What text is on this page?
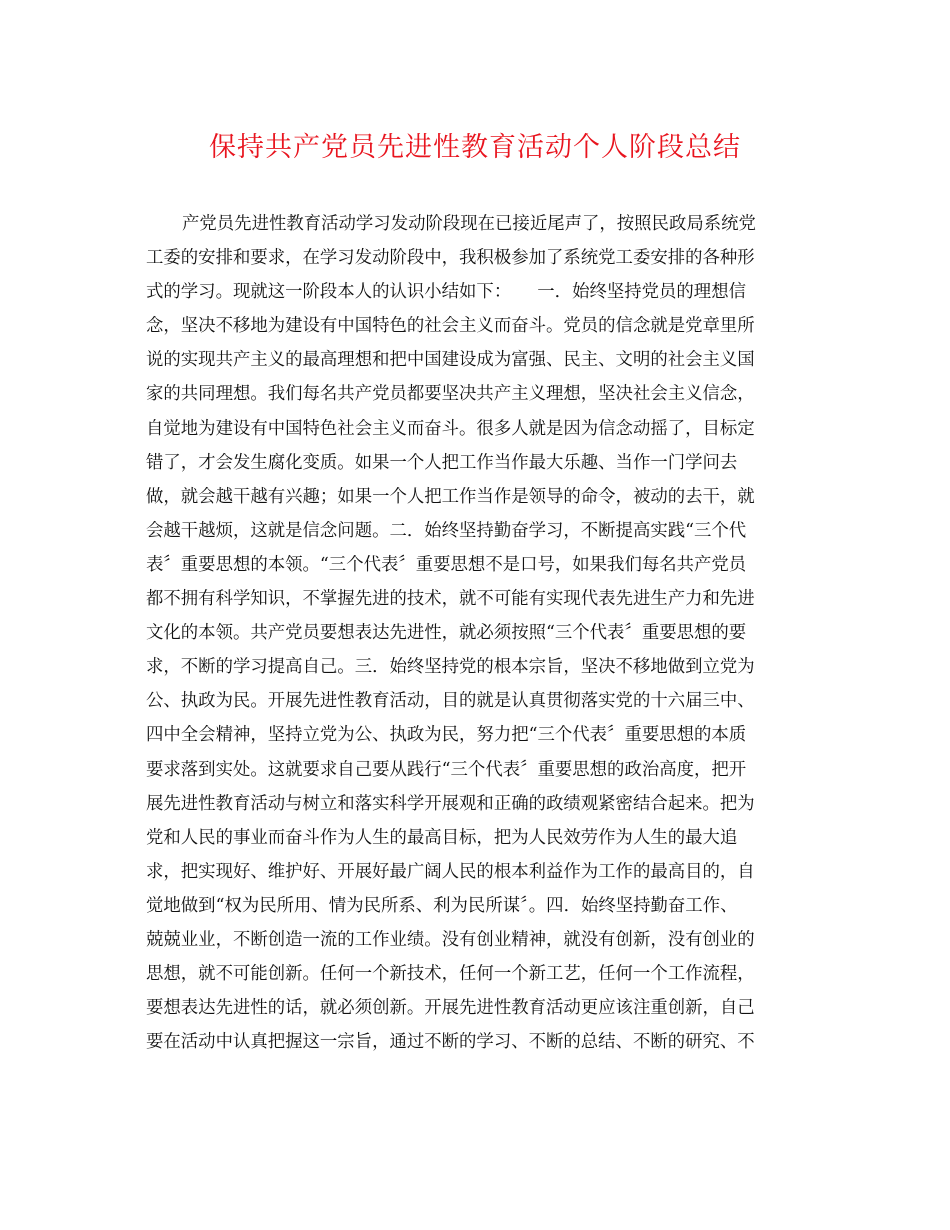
保持共产党员先进性教育活动个人阶段总结
产党员先进性教育活动学习发动阶段现在已接近尾声了，按照民政局系统党
工委的安排和要求，在学习发动阶段中，我积极参加了系统党工委安排的各种形
式的学习。现就这一阶段本人的认识小结如下：　　一．始终坚持党员的理想信
念，坚决不移地为建设有中国特色的社会主义而奋斗。党员的信念就是党章里所
说的实现共产主义的最高理想和把中国建设成为富强、民主、文明的社会主义国
家的共同理想。我们每名共产党员都要坚决共产主义理想，坚决社会主义信念，
自觉地为建设有中国特色社会主义而奋斗。很多人就是因为信念动摇了，目标定
错了，才会发生腐化变质。如果一个人把工作当作最大乐趣、当作一门学问去
做，就会越干越有兴趣；如果一个人把工作当作是领导的命令，被动的去干，就
会越干越烦，这就是信念问题。二．始终坚持勤奋学习，不断提高实践“三个代
表〞重要思想的本领。“三个代表〞重要思想不是口号，如果我们每名共产党员
都不拥有科学知识，不掌握先进的技术，就不可能有实现代表先进生产力和先进
文化的本领。共产党员要想表达先进性，就必须按照“三个代表〞重要思想的要
求，不断的学习提高自己。三．始终坚持党的根本宗旨，坚决不移地做到立党为
公、执政为民。开展先进性教育活动，目的就是认真贯彻落实党的十六届三中、
四中全会精神，坚持立党为公、执政为民，努力把“三个代表〞重要思想的本质
要求落到实处。这就要求自己要从践行“三个代表〞重要思想的政治高度，把开
展先进性教育活动与树立和落实科学开展观和正确的政绩观紧密结合起来。把为
党和人民的事业而奋斗作为人生的最高目标，把为人民效劳作为人生的最大追
求，把实现好、维护好、开展好最广阔人民的根本利益作为工作的最高目的，自
觉地做到“权为民所用、情为民所系、利为民所谋〞。四．始终坚持勤奋工作、
兢兢业业，不断创造一流的工作业绩。没有创业精神，就没有创新，没有创业的
思想，就不可能创新。任何一个新技术，任何一个新工艺，任何一个工作流程，
要想表达先进性的话，就必须创新。开展先进性教育活动更应该注重创新，自己
要在活动中认真把握这一宗旨，通过不断的学习、不断的总结、不断的研究、不
